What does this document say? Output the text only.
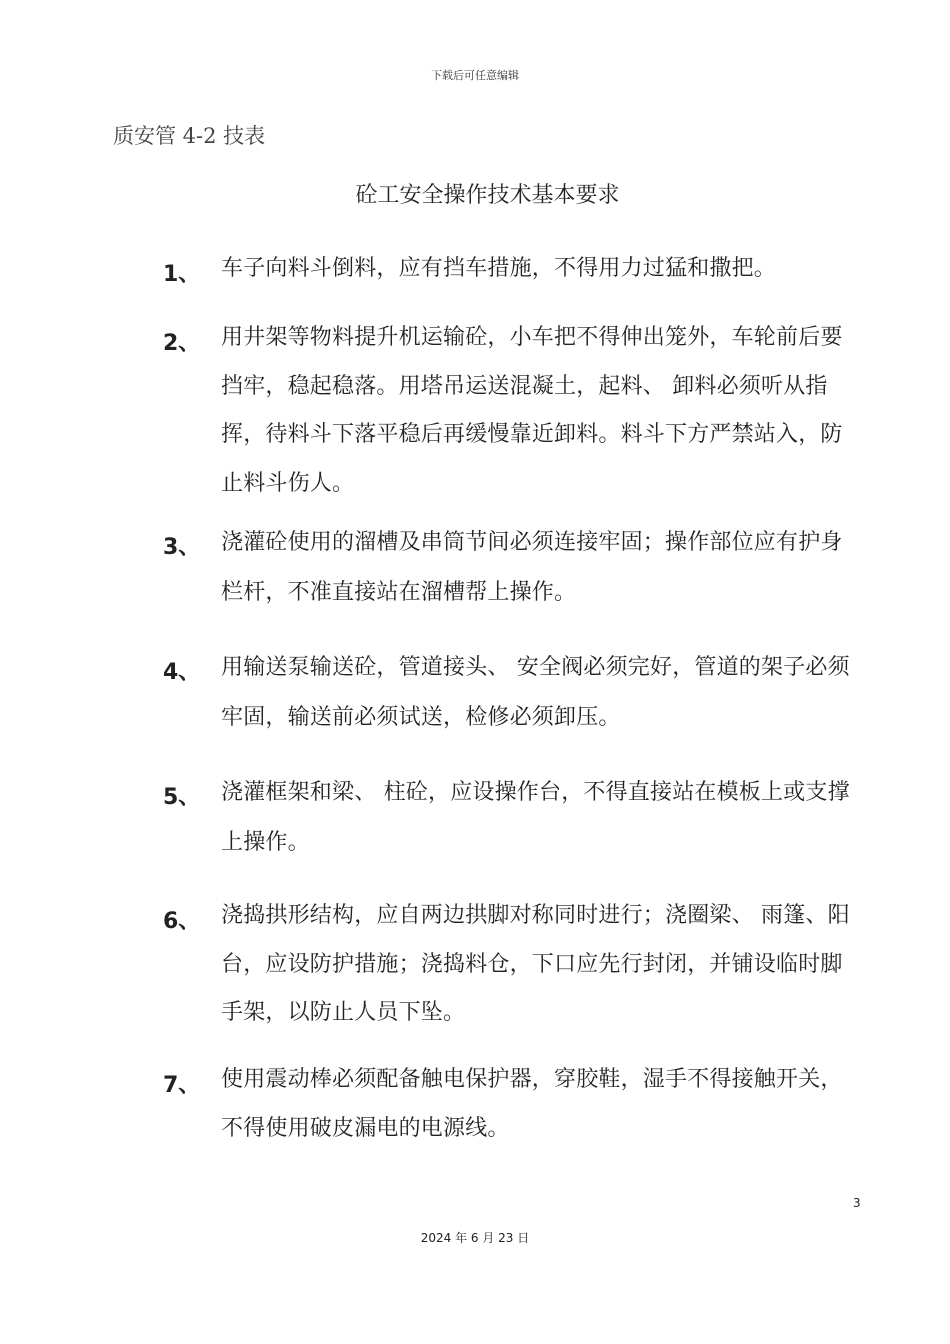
下载后可任意编辑
质安管 4-2 技表
砼工安全操作技术基本要求
1、 车子向料斗倒料，应有挡车措施，不得用力过猛和撒把。
2、 用井架等物料提升机运输砼，小车把不得伸出笼外，车轮前后要挡牢，稳起稳落。用塔吊运送混凝土，起料、 卸料必须听从指挥，待料斗下落平稳后再缓慢靠近卸料。料斗下方严禁站入，防止料斗伤人。
3、 浇灌砼使用的溜槽及串筒节间必须连接牢固；操作部位应有护身栏杆，不准直接站在溜槽帮上操作。
4、 用输送泵输送砼，管道接头、 安全阀必须完好，管道的架子必须牢固，输送前必须试送，检修必须卸压。
5、 浇灌框架和梁、 柱砼，应设操作台，不得直接站在模板上或支撑上操作。
6、 浇捣拱形结构，应自两边拱脚对称同时进行；浇圈梁、 雨篷、阳台，应设防护措施；浇捣料仓，下口应先行封闭，并铺设临时脚手架，以防止人员下坠。
7、 使用震动棒必须配备触电保护器，穿胶鞋，湿手不得接触开关，不得使用破皮漏电的电源线。
3
2024 年 6 月 23 日
